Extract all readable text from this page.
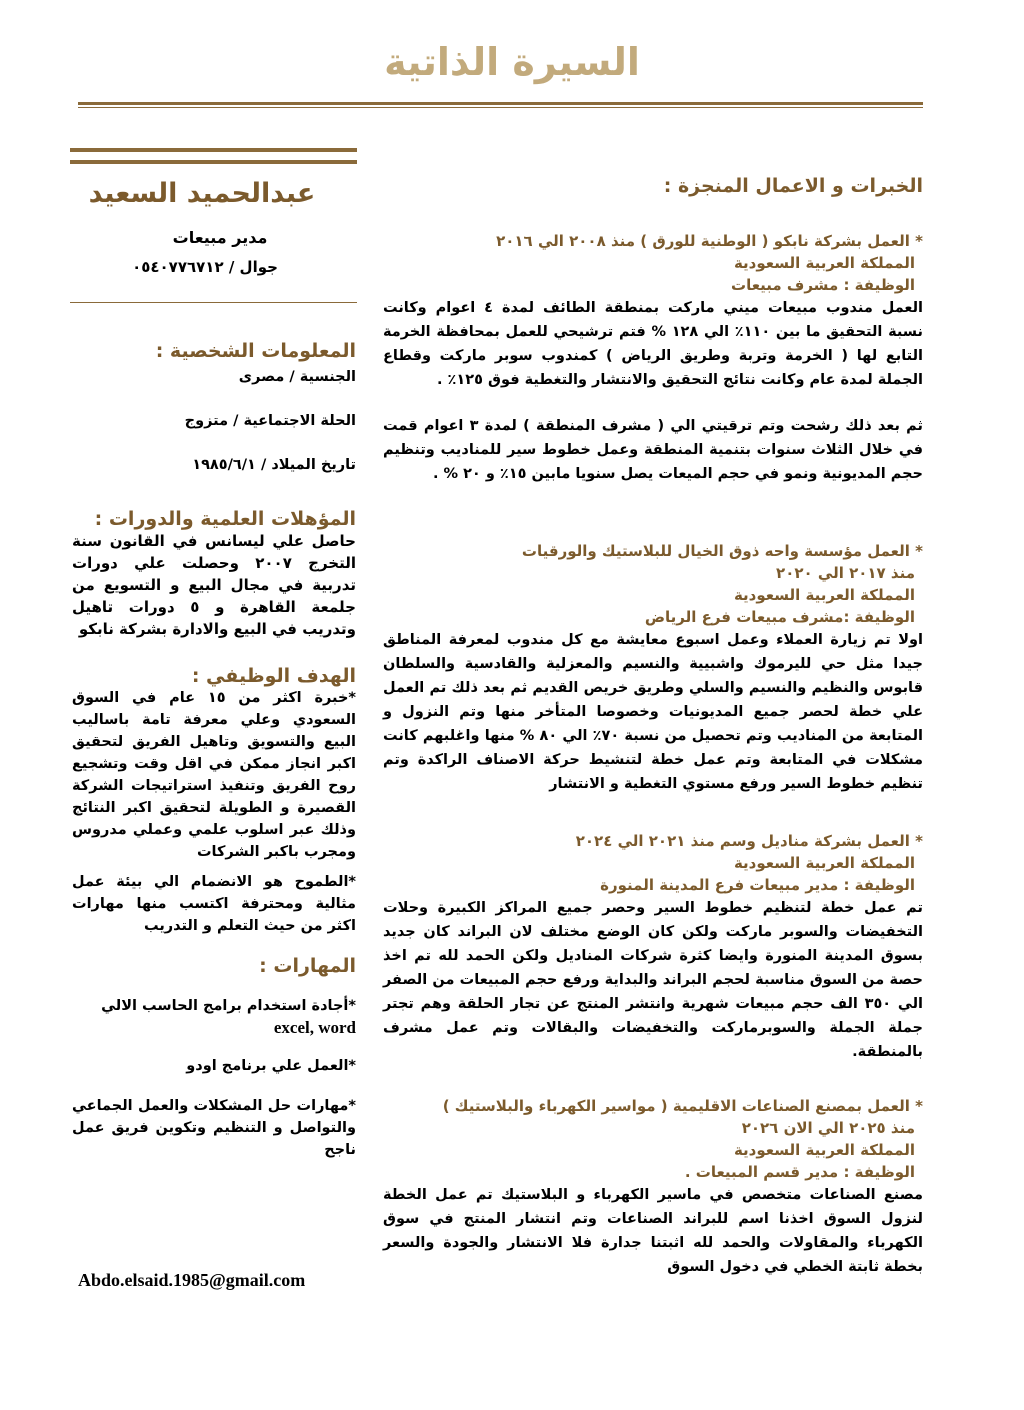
السيرة الذاتية
عبدالحميد السعيد
مدير مبيعات
جوال / ٠٥٤٠٧٧٦٧١٢
المعلومات الشخصية :
الجنسية / مصرى
الحلة الاجتماعية / متزوج
تاريخ الميلاد / ١٩٨٥/٦/١
المؤهلات العلمية والدورات :
حاصل علي ليسانس في القانون سنة التخرج ٢٠٠٧ وحصلت علي دورات تدربية في مجال البيع و التسويع من جلمعة القاهرة و ٥ دورات تاهيل وتدريب في البيع والادارة بشركة نابكو
الهدف الوظيفي :
*خبرة اكثر من ١٥ عام في السوق السعودي وعلي معرفة تامة باساليب البيع والتسويق وتاهيل الفريق لتحقيق اكبر انجاز ممكن في اقل وقت وتشجيع روح الفريق وتنفيذ استراتيجات الشركة القصيرة و الطويلة لتحقيق اكبر النتائج وذلك عبر اسلوب علمي وعملي مدروس ومجرب باكبر الشركات
*الطموح هو الانضمام الي بيئة عمل مثالية ومحترفة اكتسب منها مهارات اكثر من حيث التعلم و التدريب
المهارات :
*أجادة استخدام برامج الحاسب الالي
excel, word
*العمل علي برنامج اودو
*مهارات حل المشكلات والعمل الجماعي والتواصل و التنظيم وتكوين فريق عمل ناجح
Abdo.elsaid.1985@gmail.com
الخبرات و الاعمال المنجزة :
* العمل بشركة نابكو ( الوطنية للورق ) منذ ٢٠٠٨ الي ٢٠١٦
المملكة العربية السعودية
الوظيفة : مشرف مبيعات
العمل مندوب مبيعات ميني ماركت بمنطقة الطائف لمدة ٤ اعوام وكانت نسبة التحقيق ما بين ١١٠٪ الي ١٢٨ % فتم ترشيحي للعمل بمحافظة الخرمة التابع لها ( الخرمة وتربة وطريق الرياض ) كمندوب سوبر ماركت وقطاع الجملة لمدة عام وكانت نتائج التحقيق والانتشار والتغطية فوق ١٢٥٪ .
ثم بعد ذلك رشحت وتم ترقيتي الي ( مشرف المنطقة ) لمدة ٣ اعوام قمت في خلال الثلاث سنوات بتنمية المنطقة وعمل خطوط سير للمناديب وتنظيم حجم المديونية ونمو في حجم الميعات يصل سنويا مابين ١٥٪ و ٢٠ % .
* العمل مؤسسة واحه ذوق الخيال للبلاستيك والورقيات
منذ ٢٠١٧ الي ٢٠٢٠
المملكة العربية السعودية
الوظيفة :مشرف مبيعات فرع الرياض
اولا تم زيارة العملاء وعمل اسبوع معايشة مع كل مندوب لمعرفة المناطق جيدا مثل حي لليرموك واشبيية والنسيم والمعزلية والقادسية والسلطان قابوس والنظيم والنسيم والسلي وطريق خريص القديم ثم بعد ذلك تم العمل علي خطة لحصر جميع المديونيات وخصوصا المتأخر منها وتم النزول و المتابعة من المناديب وتم تحصيل من نسبة ٧٠٪ الي ٨٠ % منها واغلبهم كانت مشكلات في المتابعة وتم عمل خطة لتنشيط حركة الاصناف الراكدة وتم تنظيم خطوط السير ورفع مستوي التغطية و الانتشار
* العمل بشركة مناديل وسم منذ ٢٠٢١ الي ٢٠٢٤
المملكة العربية السعودية
الوظيفة : مدير مبيعات فرع المدينة المنورة
تم عمل خطة لتنظيم خطوط السير وحصر جميع المراكز الكبيرة وحلات التخفيضات والسوبر ماركت ولكن كان الوضع مختلف لان البراند كان جديد بسوق المدينة المنورة وايضا كثرة شركات المناديل ولكن الحمد لله تم اخذ حصة من السوق مناسبة لحجم البراند والبداية ورفع حجم المبيعات من الصفر الي ٣٥٠ الف حجم مبيعات شهرية وانتشر المنتج عن تجار الحلقة وهم تجتر جملة الجملة والسوبرماركت والتخفيضات والبقالات وتم عمل مشرف بالمنطقة.
* العمل بمصنع الصناعات الاقليمية ( مواسير الكهرباء والبلاستيك )
منذ ٢٠٢٥ الي الان ٢٠٢٦
المملكة العربية السعودية
الوظيفة : مدير قسم المبيعات .
مصنع الصناعات متخصص في ماسير الكهرباء و البلاستيك تم عمل الخطة لنزول السوق اخذنا اسم للبراند الصناعات وتم انتشار المنتج في سوق الكهرباء والمقاولات والحمد لله اثبتنا جدارة فلا الانتشار والجودة والسعر بخطة ثابتة الخطي في دخول السوق
